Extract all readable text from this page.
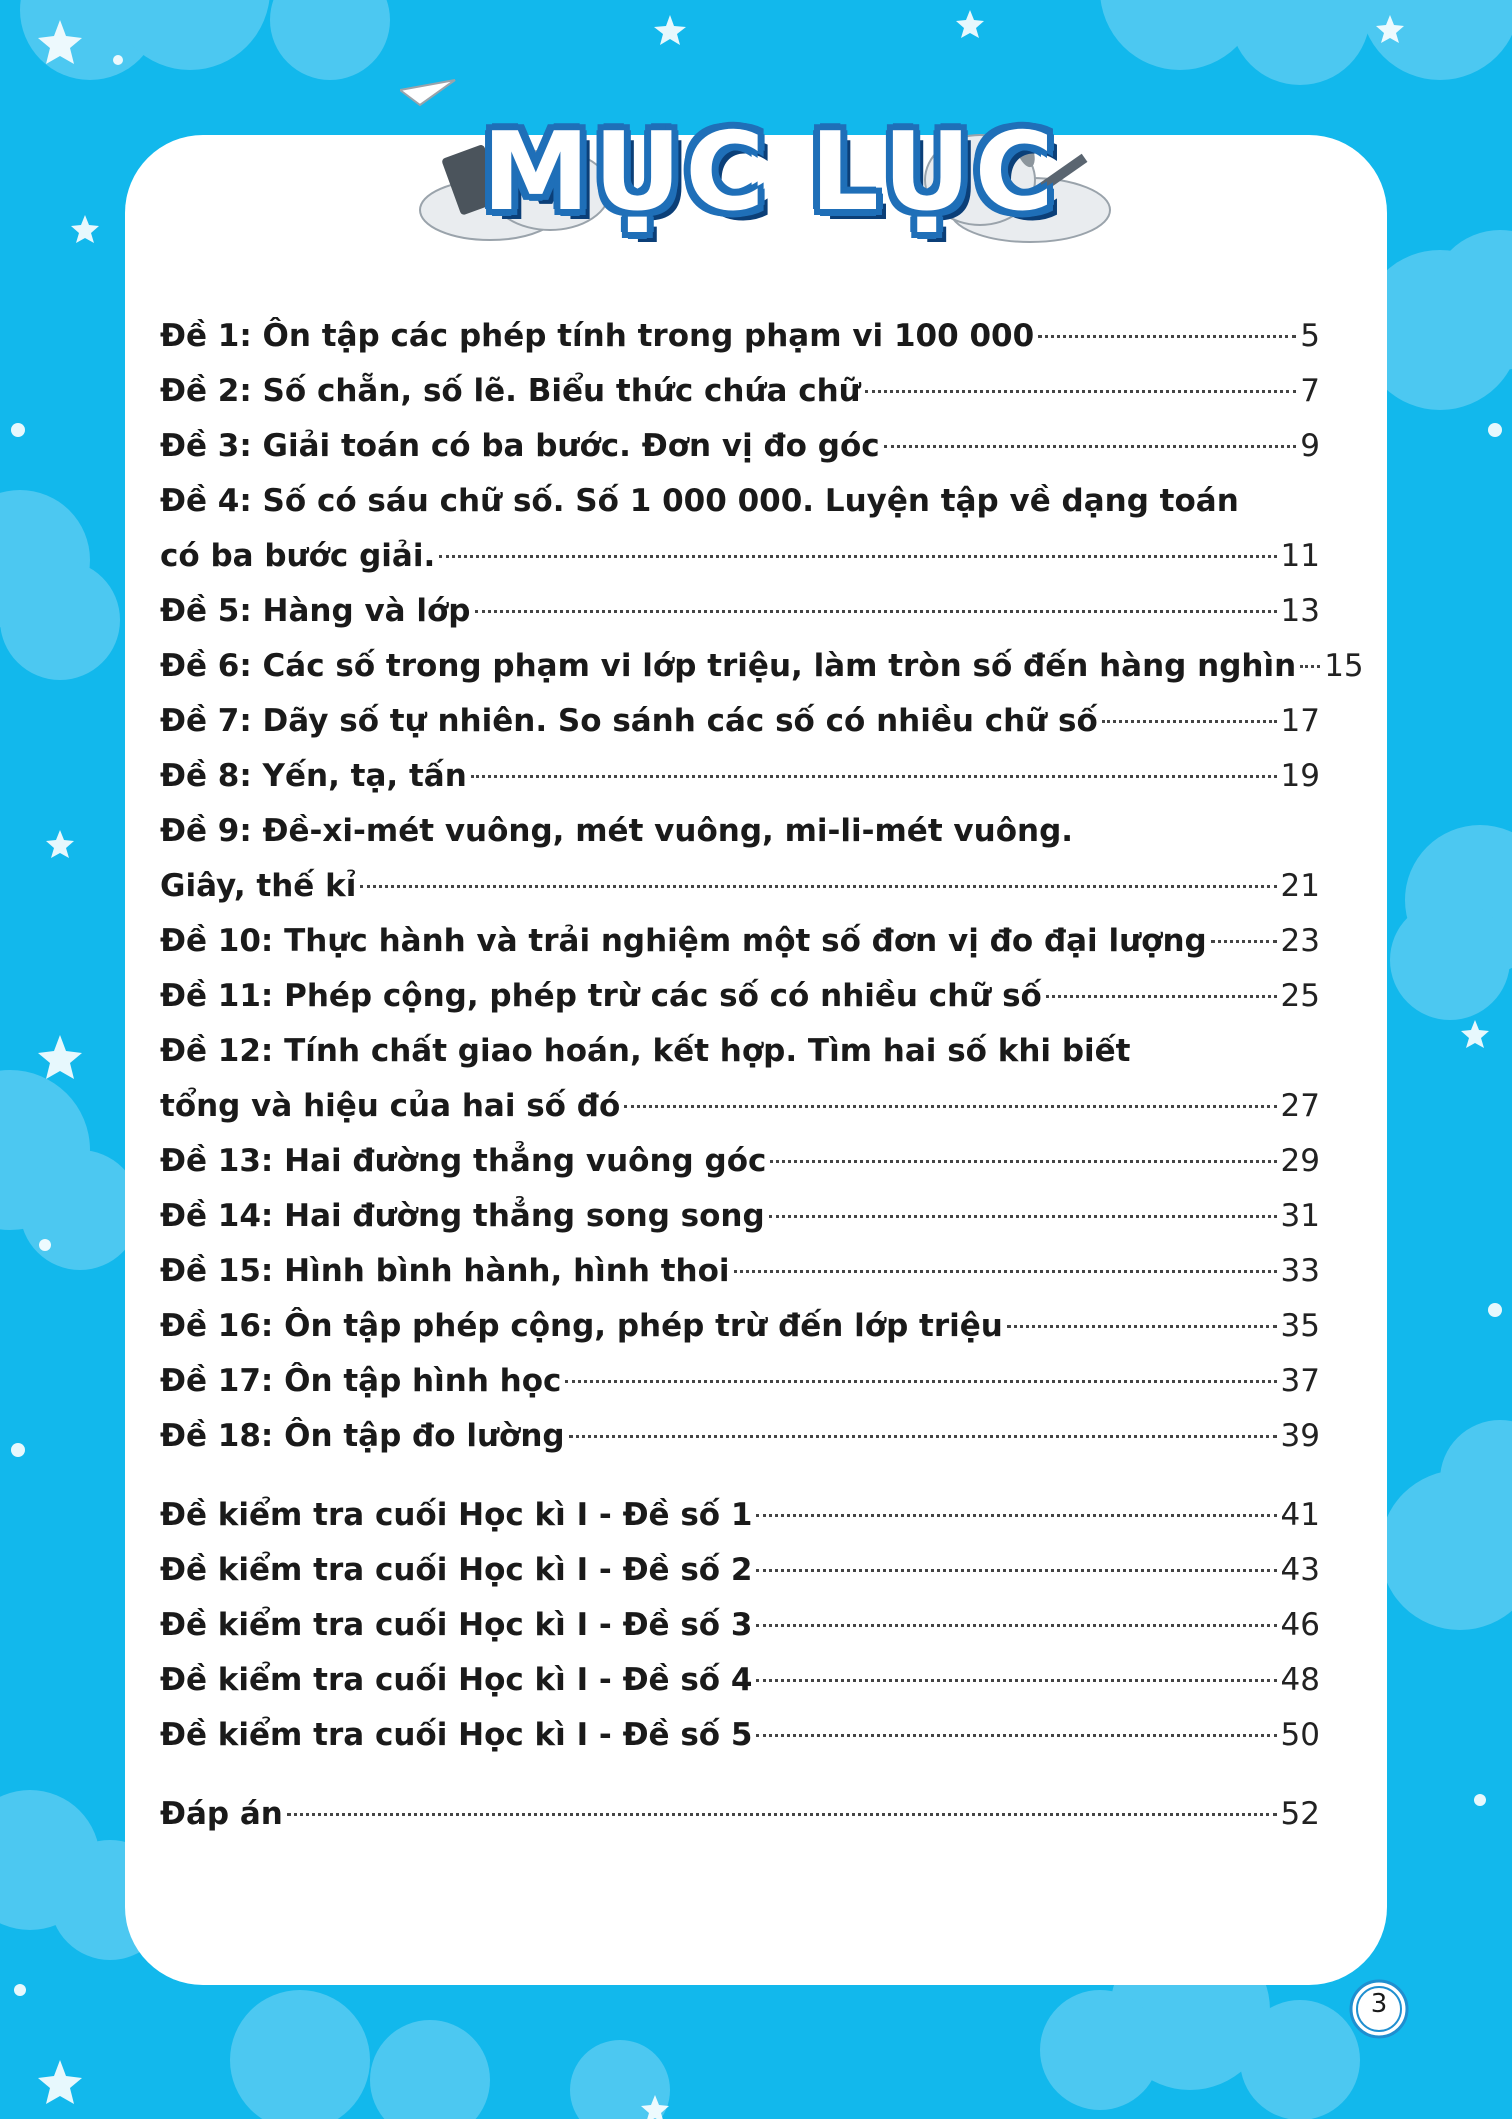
MỤC LỤC
Đề 1: Ôn tập các phép tính trong phạm vi 100 000	5
Đề 2: Số chẵn, số lẽ. Biểu thức chứa chữ	7
Đề 3: Giải toán có ba bước. Đơn vị đo góc	9
Đề 4: Số có sáu chữ số. Số 1 000 000. Luyện tập về dạng toán
có ba bước giải.	11
Đề 5: Hàng và lớp	13
Đề 6: Các số trong phạm vi lớp triệu, làm tròn số đến hàng nghìn 15
Đề 7: Dãy số tự nhiên. So sánh các số có nhiều chữ số	17
Đề 8: Yến, tạ, tấn	19
Đề 9: Đề-xi-mét vuông, mét vuông, mi-li-mét vuông.
Giây, thế kỉ	21
Đề 10: Thực hành và trải nghiệm một số đơn vị đo đại lượng 23
Đề 11: Phép cộng, phép trừ các số có nhiều chữ số	25
Đề 12: Tính chất giao hoán, kết hợp. Tìm hai số khi biết
tổng và hiệu của hai số đó	27
Đề 13: Hai đường thẳng vuông góc	29
Đề 14: Hai đường thẳng song song	31
Đề 15: Hình bình hành, hình thoi	33
Đề 16: Ôn tập phép cộng, phép trừ đến lớp triệu	35
Đề 17: Ôn tập hình học	37
Đề 18: Ôn tập đo lường	39
Đề kiểm tra cuối Học kì I - Đề số 1	41
Đề kiểm tra cuối Học kì I - Đề số 2	43
Đề kiểm tra cuối Học kì I - Đề số 3	46
Đề kiểm tra cuối Học kì I - Đề số 4	48
Đề kiểm tra cuối Học kì I - Đề số 5	50
Đáp án	52
3
